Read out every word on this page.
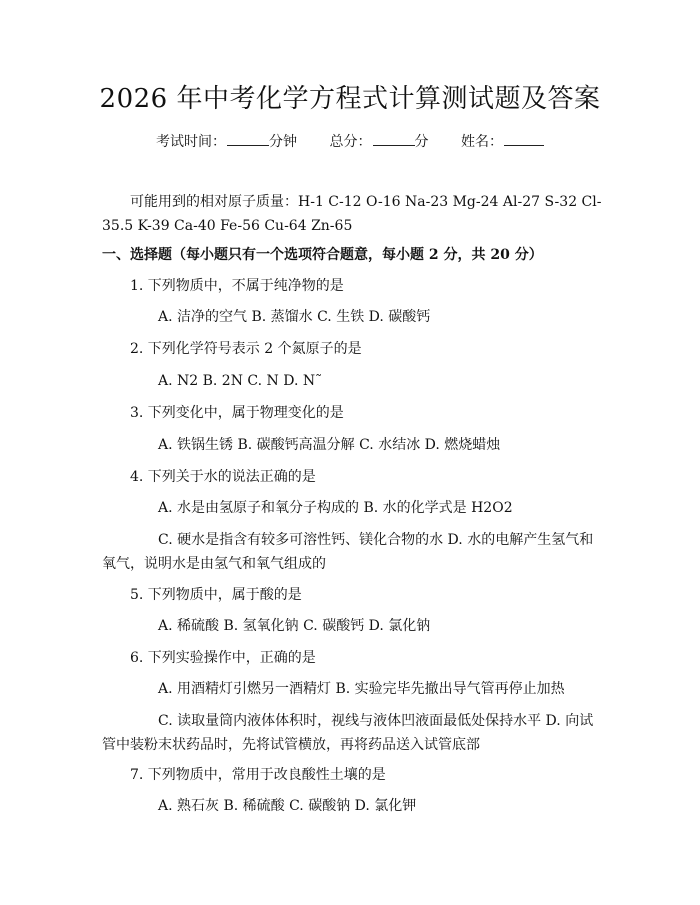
2026 年中考化学方程式计算测试题及答案
考试时间：	分钟 总分：	分 姓名：
可能用到的相对原子质量：H-1 C-12 O-16 Na-23 Mg-24 Al-27 S-32 Cl-35.5 K-39 Ca-40 Fe-56 Cu-64 Zn-65
一、选择题（每小题只有一个选项符合题意，每小题 2 分，共 20 分）
1. 下列物质中，不属于纯净物的是
A. 洁净的空气 B. 蒸馏水 C. 生铁 D. 碳酸钙
2. 下列化学符号表示 2 个氮原子的是
A. N2 B. 2N C. N D. N˜
3. 下列变化中，属于物理变化的是
A. 铁锅生锈 B. 碳酸钙高温分解 C. 水结冰 D. 燃烧蜡烛
4. 下列关于水的说法正确的是
A. 水是由氢原子和氧分子构成的 B. 水的化学式是 H2O2
C. 硬水是指含有较多可溶性钙、镁化合物的水 D. 水的电解产生氢气和氧气，说明水是由氢气和氧气组成的
5. 下列物质中，属于酸的是
A. 稀硫酸 B. 氢氧化钠 C. 碳酸钙 D. 氯化钠
6. 下列实验操作中，正确的是
A. 用酒精灯引燃另一酒精灯 B. 实验完毕先撤出导气管再停止加热
C. 读取量筒内液体体积时，视线与液体凹液面最低处保持水平 D. 向试管中装粉末状药品时，先将试管横放，再将药品送入试管底部
7. 下列物质中，常用于改良酸性土壤的是
A. 熟石灰 B. 稀硫酸 C. 碳酸钠 D. 氯化钾
